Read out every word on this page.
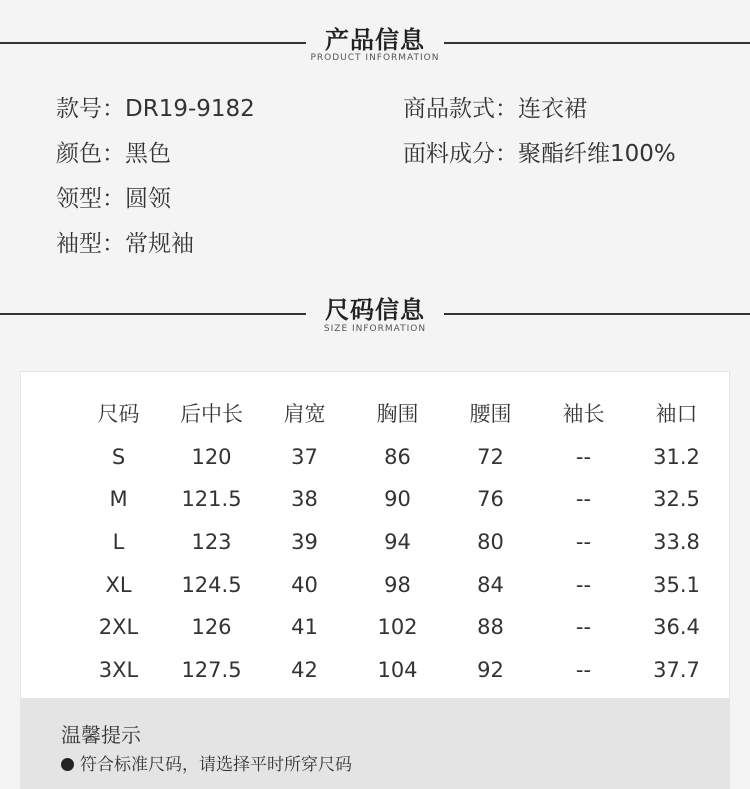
产品信息
PRODUCT INFORMATION
款号：DR19-9182
颜色：黑色
领型：圆领
袖型：常规袖
商品款式：连衣裙
面料成分：聚酯纤维100%
尺码信息
SIZE INFORMATION
尺码	后中长	肩宽	胸围	腰围	袖长	袖口
S	120	37	86	72	--	31.2
M	121.5	38	90	76	--	32.5
L	123	39	94	80	--	33.8
XL	124.5	40	98	84	--	35.1
2XL	126	41	102	88	--	36.4
3XL	127.5	42	104	92	--	37.7
温馨提示
符合标准尺码，请选择平时所穿尺码
